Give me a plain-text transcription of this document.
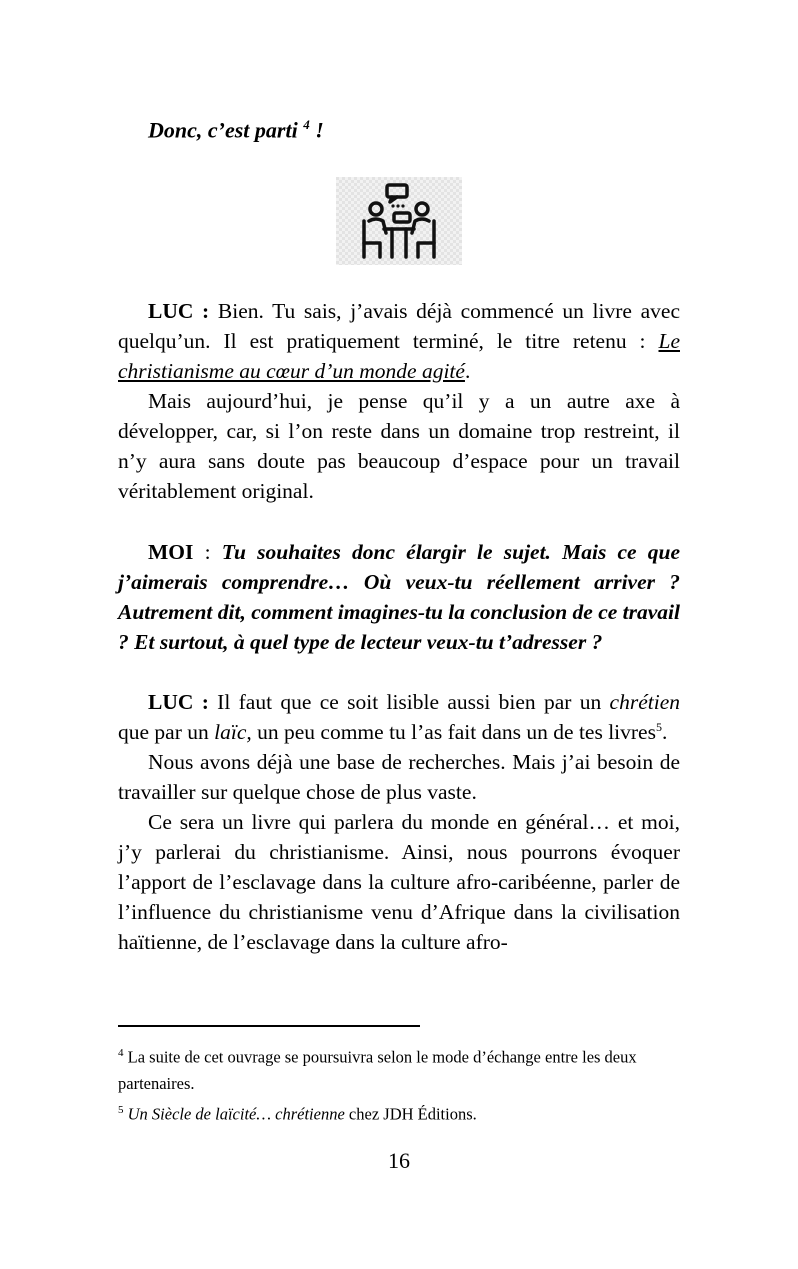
Donc, c’est parti $^4$ !

LUC : Bien. Tu sais, j’avais déjà commencé un livre avec quelqu’un. Il est pratiquement terminé, le titre retenu : Le christianisme au cœur d’un monde agité.

Mais aujourd’hui, je pense qu’il y a un autre axe à développer, car, si l’on reste dans un domaine trop restreint, il n’y aura sans doute pas beaucoup d’espace pour un travail véritablement original.

MOI : Tu souhaites donc élargir le sujet. Mais ce que j’aimerais comprendre… Où veux-tu réellement arriver ? Autrement dit, comment imagines-tu la conclusion de ce travail ? Et surtout, à quel type de lecteur veux-tu t’adresser ?

LUC : Il faut que ce soit lisible aussi bien par un chrétien que par un laïc, un peu comme tu l’as fait dans un de tes livres$^5$.

Nous avons déjà une base de recherches. Mais j’ai besoin de travailler sur quelque chose de plus vaste.

Ce sera un livre qui parlera du monde en général… et moi, j’y parlerai du christianisme. Ainsi, nous pourrons évoquer l’apport de l’esclavage dans la culture afro-caribéenne, parler de l’influence du christianisme venu d’Afrique dans la civilisation haïtienne, de l’esclavage dans la culture afro-

$^4$ La suite de cet ouvrage se poursuivra selon le mode d’échange entre les deux partenaires.
$^5$ Un Siècle de laïcité… chrétienne chez JDH Éditions.
16
